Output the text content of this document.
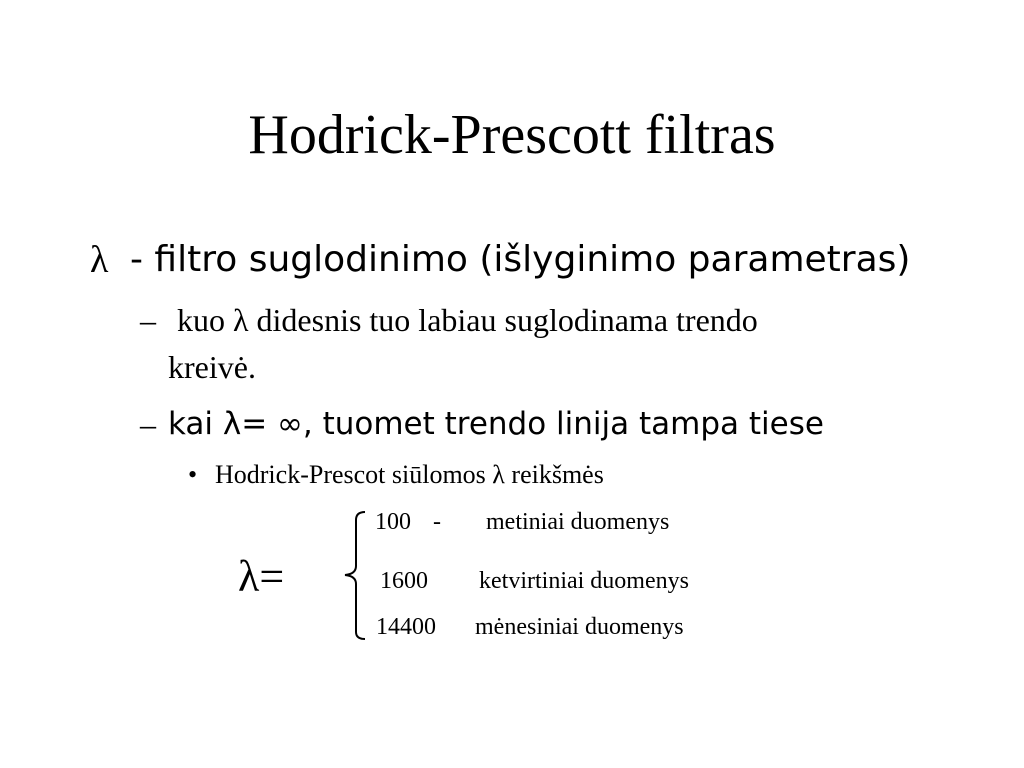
Hodrick-Prescott filtras
λ - filtro suglodinimo (išlyginimo parametras)
– kuo λ didesnis tuo labiau suglodinama trendo
kreivė.
– kai λ= ∞, tuomet trendo linija tampa tiese
• Hodrick-Prescot siūlomos λ reikšmės
λ=
100 - metiniai duomenys
1600 ketvirtiniai duomenys
14400 mėnesiniai duomenys
